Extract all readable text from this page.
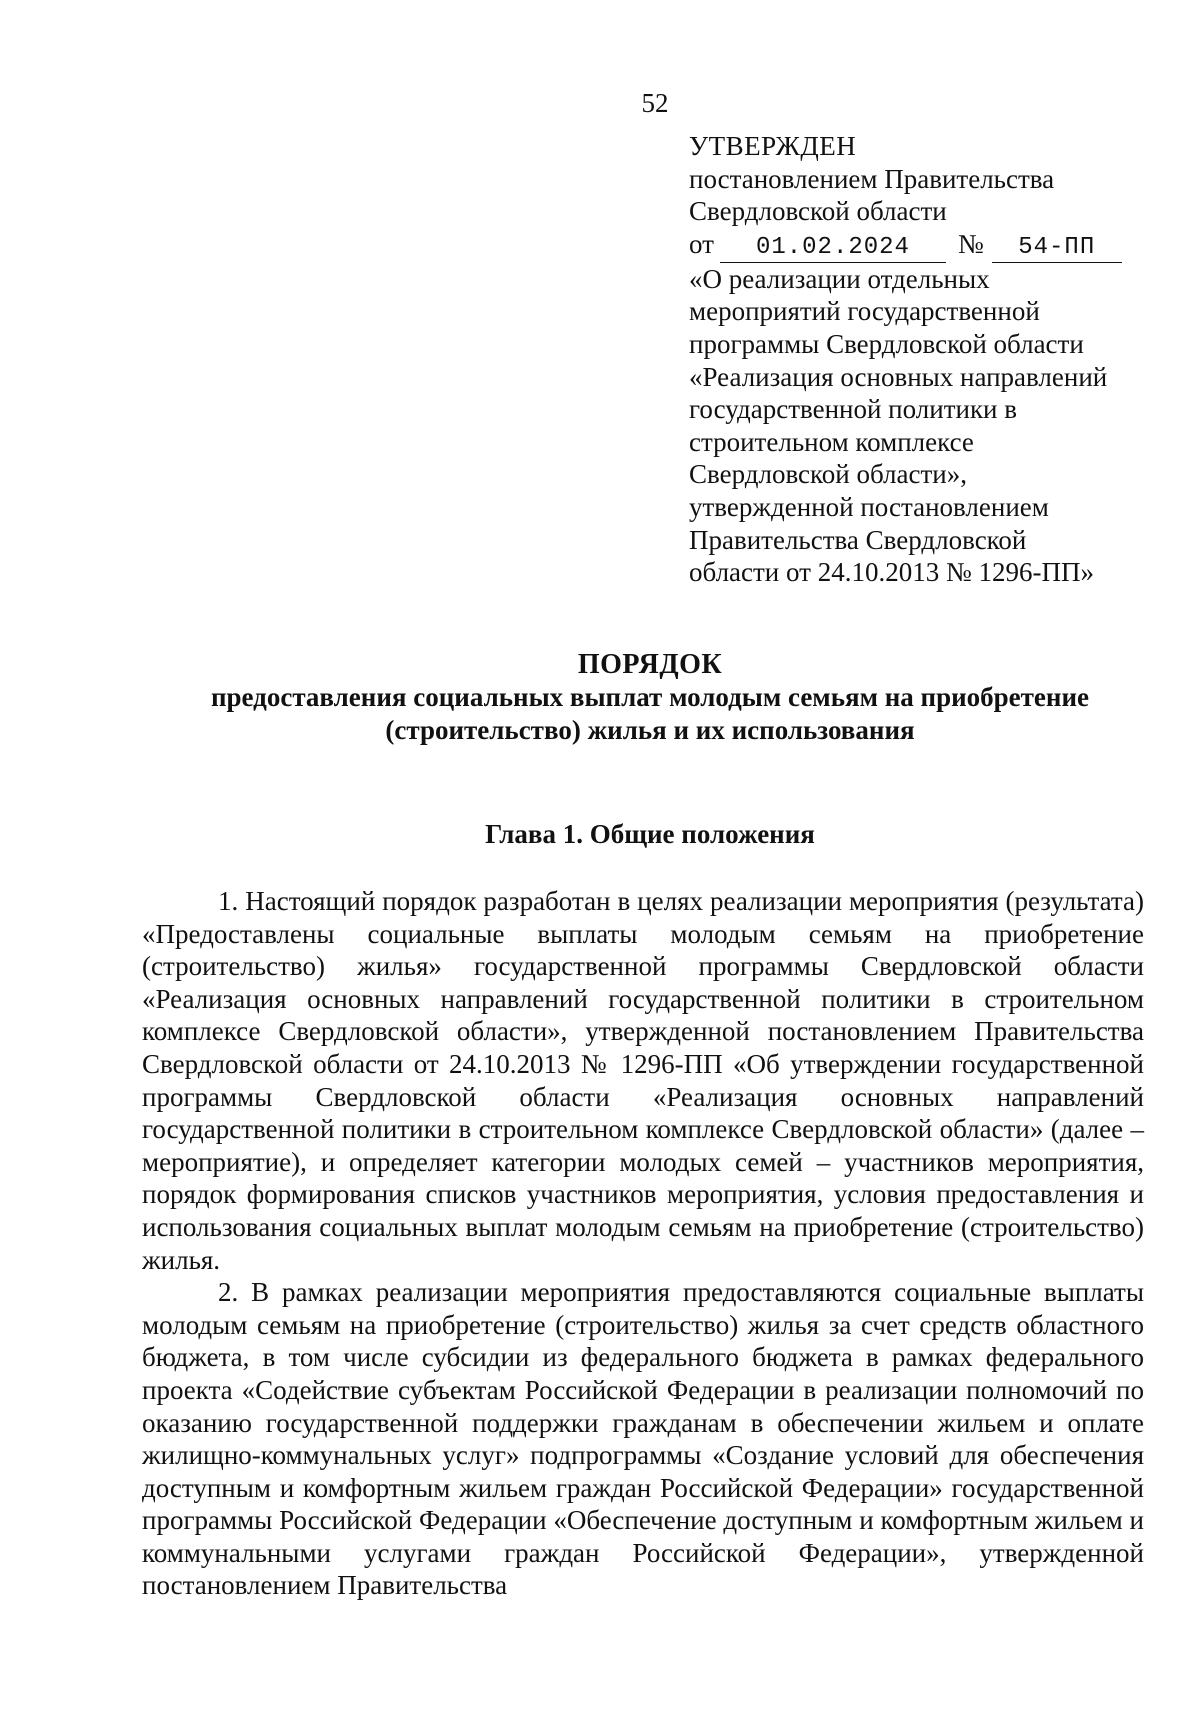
52

УТВЕРЖДЕН

постановлением Правительства

Свердловской области

от	01.02.2024	№	54-ПП

«О реализации отдельных

мероприятий государственной

программы Свердловской области

«Реализация основных направлений

государственной политики в

строительном комплексе

Свердловской области»,

утвержденной постановлением

Правительства Свердловской

области от 24.10.2013 № 1296-ПП»

ПОРЯДОК
предоставления социальных выплат молодым семьям на приобретение
(строительство) жилья и их использования
Глава 1. Общие положения

1. Настоящий порядок разработан в целях реализации мероприятия (результата) «Предоставлены социальные выплаты молодым семьям на приобретение (строительство) жилья» государственной программы Свердловской области «Реализация основных направлений государственной политики в строительном комплексе Свердловской области», утвержденной постановлением Правительства Свердловской области от 24.10.2013 № 1296-ПП «Об утверждении государственной программы Свердловской области «Реализация основных направлений государственной политики в строительном комплексе Свердловской области» (далее – мероприятие), и определяет категории молодых семей – участников мероприятия, порядок формирования списков участников мероприятия, условия предоставления и использования социальных выплат молодым семьям на приобретение (строительство) жилья.

2. В рамках реализации мероприятия предоставляются социальные выплаты молодым семьям на приобретение (строительство) жилья за счет средств областного бюджета, в том числе субсидии из федерального бюджета в рамках федерального проекта «Содействие субъектам Российской Федерации в реализации полномочий по оказанию государственной поддержки гражданам в обеспечении жильем и оплате жилищно-коммунальных услуг» подпрограммы «Создание условий для обеспечения доступным и комфортным жильем граждан Российской Федерации» государственной программы Российской Федерации «Обеспечение доступным и комфортным жильем и коммунальными услугами граждан Российской Федерации», утвержденной постановлением Правительства
